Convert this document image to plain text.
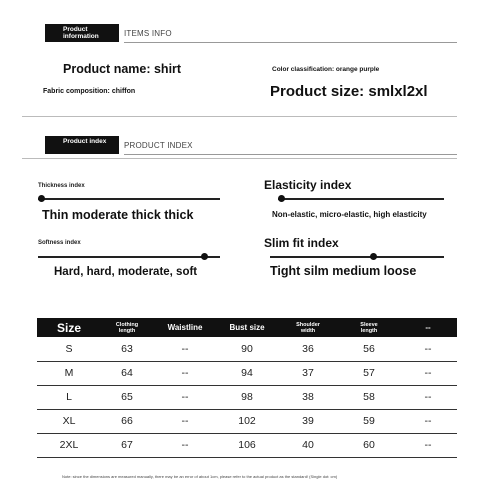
Product information	ITEMS INFO
Product name: shirt
Fabric composition: chiffon
Color classification: orange purple
Product size: smlxl2xl
Product index	PRODUCT INDEX
Thickness index
Thin moderate thick thick
Elasticity index
Non-elastic, micro-elastic, high elasticity
Softness index
Hard, hard, moderate, soft
Slim fit index
Tight silm medium loose
Size	Clothing length	Waistline	Bust size	Shoulder width	Sleeve length	--
S	63	--	90	36	56	--
M	64	--	94	37	57	--
L	65	--	98	38	58	--
XL	66	--	102	39	59	--
2XL	67	--	106	40	60	--
Note: since the dimensions are measured manually, there may be an error of about 1cm, please refer to the actual product as the standard! (Single dot: cm)
